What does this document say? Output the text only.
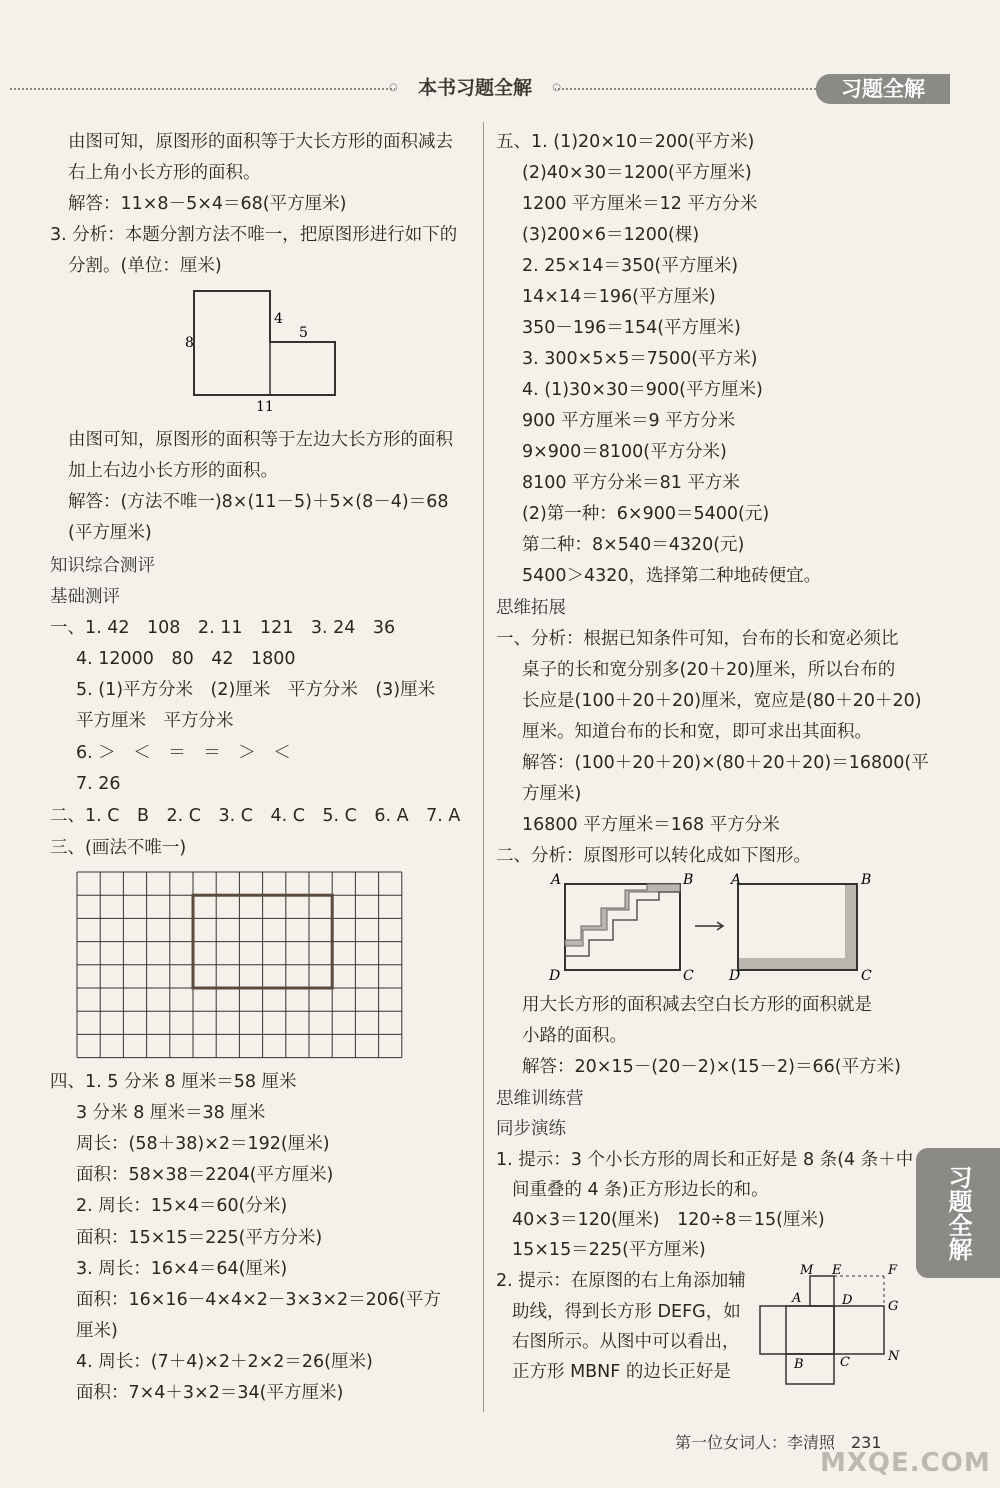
○ 本书习题全解 ○	习题全解
习题全解
由图可知，原图形的面积等于大长方形的面积减去
右上角小长方形的面积。
解答：11×8－5×4＝68(平方厘米)
3. 分析：本题分割方法不唯一，把原图形进行如下的
分割。(单位：厘米)
8
4
5
11
由图可知，原图形的面积等于左边大长方形的面积
加上右边小长方形的面积。
解答：(方法不唯一)8×(11－5)＋5×(8－4)＝68
(平方厘米)
知识综合测评
基础测评
一、1. 42　108　2. 11　121　3. 24　36
4. 12000　80　42　1800
5. (1)平方分米　(2)厘米　平方分米　(3)厘米
平方厘米　平方分米
6. ＞　＜　＝　＝　＞　＜
7. 26
二、1. C　B　2. C　3. C　4. C　5. C　6. A　7. A
三、(画法不唯一)
四、1. 5 分米 8 厘米＝58 厘米
3 分米 8 厘米＝38 厘米
周长：(58＋38)×2＝192(厘米)
面积：58×38＝2204(平方厘米)
2. 周长：15×4＝60(分米)
面积：15×15＝225(平方分米)
3. 周长：16×4＝64(厘米)
面积：16×16－4×4×2－3×3×2＝206(平方
厘米)
4. 周长：(7＋4)×2＋2×2＝26(厘米)
面积：7×4＋3×2＝34(平方厘米)
五、1. (1)20×10＝200(平方米)
(2)40×30＝1200(平方厘米)
1200 平方厘米＝12 平方分米
(3)200×6＝1200(棵)
2. 25×14＝350(平方厘米)
14×14＝196(平方厘米)
350－196＝154(平方厘米)
3. 300×5×5＝7500(平方米)
4. (1)30×30＝900(平方厘米)
900 平方厘米＝9 平方分米
9×900＝8100(平方分米)
8100 平方分米＝81 平方米
(2)第一种：6×900＝5400(元)
第二种：8×540＝4320(元)
5400＞4320，选择第二种地砖便宜。
思维拓展
一、分析：根据已知条件可知，台布的长和宽必须比
桌子的长和宽分别多(20＋20)厘米，所以台布的
长应是(100＋20＋20)厘米，宽应是(80＋20＋20)
厘米。知道台布的长和宽，即可求出其面积。
解答：(100＋20＋20)×(80＋20＋20)＝16800(平
方厘米)
16800 平方厘米＝168 平方分米
二、分析：原图形可以转化成如下图形。
A	B
D	C
A	B
D	C
用大长方形的面积减去空白长方形的面积就是
小路的面积。
解答：20×15－(20－2)×(15－2)＝66(平方米)
思维训练营
同步演练
1. 提示：3 个小长方形的周长和正好是 8 条(4 条＋中
间重叠的 4 条)正方形边长的和。
40×3＝120(厘米)　120÷8＝15(厘米)
15×15＝225(平方厘米)
2. 提示：在原图的右上角添加辅
助线，得到长方形 DEFG，如
右图所示。从图中可以看出，
正方形 MBNF 的边长正好是
M E	F
A	D	G
B	C	N
第一位女词人：李清照　231
MXQE.COM
